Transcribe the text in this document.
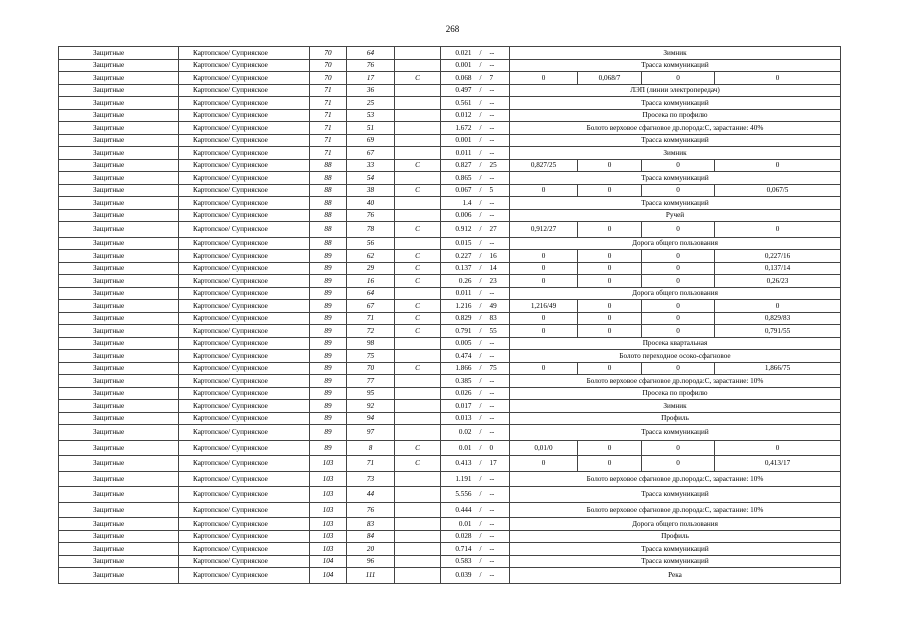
268
Защитные	Картопское/ Суприяское	70	64		0.021	/	--	Зимник			
Защитные	Картопское/ Суприяское	70	76		0.001	/	--	Трасса коммуникаций			
Защитные	Картопское/ Суприяское	70	17	С	0.068	/	7	0	0,068/7	0	0
Защитные	Картопское/ Суприяское	71	36		0.497	/	--	ЛЭП (линии электропередач)			
Защитные	Картопское/ Суприяское	71	25		0.561	/	--	Трасса коммуникаций			
Защитные	Картопское/ Суприяское	71	53		0.012	/	--	Просека по профилю			
Защитные	Картопское/ Суприяское	71	51		1.672	/	--	Болото верховое сфагновое др.порода:С, зарастание: 40%			
Защитные	Картопское/ Суприяское	71	69		0.001	/	--	Трасса коммуникаций			
Защитные	Картопское/ Суприяское	71	67		0.011	/	--	Зимник			
Защитные	Картопское/ Суприяское	88	33	С	0.827	/	25	0,827/25	0	0	0
Защитные	Картопское/ Суприяское	88	54		0.865	/	--	Трасса коммуникаций			
Защитные	Картопское/ Суприяское	88	38	С	0.067	/	5	0	0	0	0,067/5
Защитные	Картопское/ Суприяское	88	40		1.4	/	--	Трасса коммуникаций			
Защитные	Картопское/ Суприяское	88	76		0.006	/	--	Ручей			
Защитные	Картопское/ Суприяское	88	78	С	0.912	/	27	0,912/27	0	0	0
Защитные	Картопское/ Суприяское	88	56		0.015	/	--	Дорога общего пользования			
Защитные	Картопское/ Суприяское	89	62	С	0.227	/	16	0	0	0	0,227/16
Защитные	Картопское/ Суприяское	89	29	С	0.137	/	14	0	0	0	0,137/14
Защитные	Картопское/ Суприяское	89	16	С	0.26	/	23	0	0	0	0,26/23
Защитные	Картопское/ Суприяское	89	64		0.011	/	--	Дорога общего пользования			
Защитные	Картопское/ Суприяское	89	67	С	1.216	/	49	1,216/49	0	0	0
Защитные	Картопское/ Суприяское	89	71	С	0.829	/	83	0	0	0	0,829/83
Защитные	Картопское/ Суприяское	89	72	С	0.791	/	55	0	0	0	0,791/55
Защитные	Картопское/ Суприяское	89	98		0.005	/	--	Просека квартальная			
Защитные	Картопское/ Суприяское	89	75		0.474	/	--	Болото переходное осоко-сфагновое			
Защитные	Картопское/ Суприяское	89	70	С	1.866	/	75	0	0	0	1,866/75
Защитные	Картопское/ Суприяское	89	77		0.385	/	--	Болото верховое сфагновое др.порода:С, зарастание: 10%			
Защитные	Картопское/ Суприяское	89	95		0.026	/	--	Просека по профилю			
Защитные	Картопское/ Суприяское	89	92		0.017	/	--	Зимник			
Защитные	Картопское/ Суприяское	89	94		0.013	/	--	Профиль			
Защитные	Картопское/ Суприяское	89	97		0.02	/	--	Трасса коммуникаций			
Защитные	Картопское/ Суприяское	89	8	С	0.01	/	0	0,01/0	0	0	0
Защитные	Картопское/ Суприяское	103	71	С	0.413	/	17	0	0	0	0,413/17
Защитные	Картопское/ Суприяское	103	73		1.191	/	--	Болото верховое сфагновое др.порода:С, зарастание: 10%			
Защитные	Картопское/ Суприяское	103	44		5.556	/	--	Трасса коммуникаций			
Защитные	Картопское/ Суприяское	103	76		0.444	/	--	Болото верховое сфагновое др.порода:С, зарастание: 10%			
Защитные	Картопское/ Суприяское	103	83		0.01	/	--	Дорога общего пользования			
Защитные	Картопское/ Суприяское	103	84		0.028	/	--	Профиль			
Защитные	Картопское/ Суприяское	103	20		0.714	/	--	Трасса коммуникаций			
Защитные	Картопское/ Суприяское	104	96		0.583	/	--	Трасса коммуникаций			
Защитные	Картопское/ Суприяское	104	111		0.039	/	--	Река			
